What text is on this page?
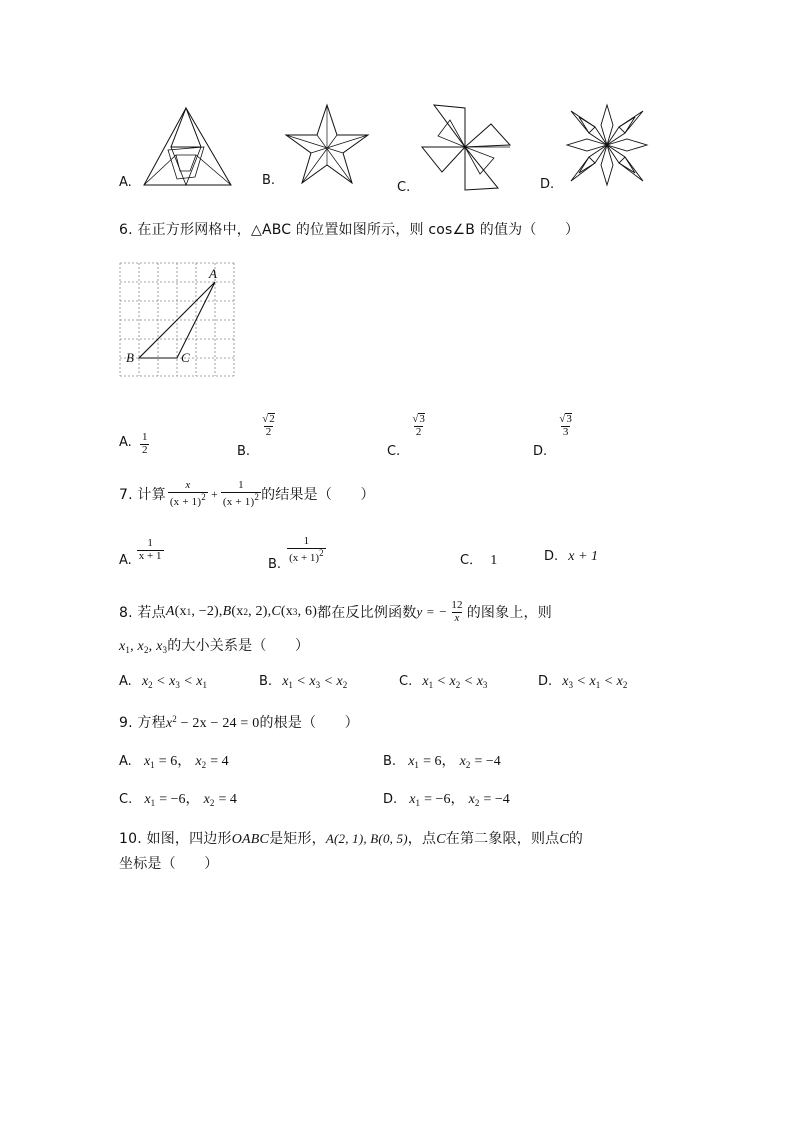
A.	B.	C.	D.
6. 在正方形网格中，△ABC 的位置如图所示，则 cos∠B 的值为（　　）
A
B	C
A. $\frac{1}{2}$	B.
$\frac{√2}{2}$
C.
$\frac{√3}{2}$
D.
$\frac{√3}{3}$
7. 计算 $\frac{x}{(x + 1)^2} + \frac{1}{(x + 1)^2}$ 的结果是（　　）
A. $\frac{1}{x + 1}$
B. $\frac{1}{(x + 1)^2}$	C． 1	D. x + 1
8. 若点 A (x 1 , −2) , B (x 2 , 2) , C (x 3 , 6) 都在反比例函数 y = − $\frac{12}{x}$ 的图象上，则
$x_1$, $x_2$, $x_3$的大小关系是（　　）
A. $x_2 < x_3 < x_1$	B. $x_1 < x_3 < x_2$	C. $x_1 < x_2 < x_3$	D. $x_3 < x_1 < x_2$
9. 方程$x^2 - 2x - 24 = 0$的根是（　　）
A. $x_1 = 6$， $x_2 = 4$	B. $x_1 = 6$， $x_2 = -4$
C. $x_1 = -6$， $x_2 = 4$	D. $x_1 = -6$， $x_2 = -4$
10. 如图，四边形OABC是矩形，A(2, 1), B(0, 5)，点C在第二象限，则点C的
坐标是（　　）
